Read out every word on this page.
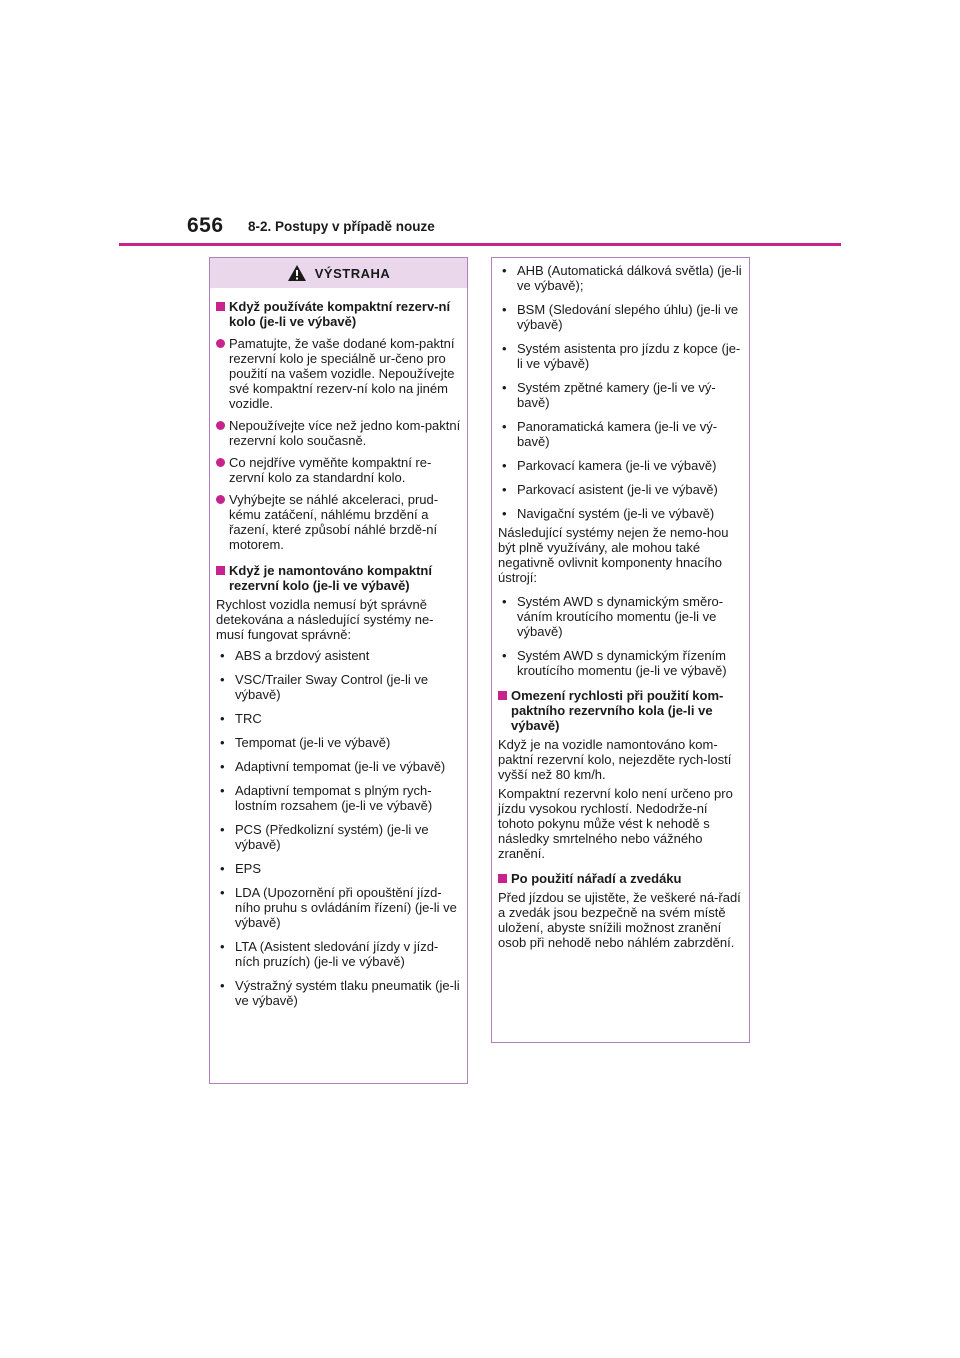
656 8-2. Postupy v případě nouze
VÝSTRAHA
Když používáte kompaktní rezerv-ní kolo (je-li ve výbavě)
Pamatujte, že vaše dodané kom-paktní rezervní kolo je speciálně ur-čeno pro použití na vašem vozidle. Nepoužívejte své kompaktní rezerv-ní kolo na jiném vozidle.
Nepoužívejte více než jedno kom-paktní rezervní kolo současně.
Co nejdříve vyměňte kompaktní re-zervní kolo za standardní kolo.
Vyhýbejte se náhlé akceleraci, prud-kému zatáčení, náhlému brzdění a řazení, které způsobí náhlé brzdě-ní motorem.
Když je namontováno kompaktní rezervní kolo (je-li ve výbavě)
Rychlost vozidla nemusí být správně detekována a následující systémy ne-musí fungovat správně:
• ABS a brzdový asistent
• VSC/Trailer Sway Control (je-li ve výbavě)
• TRC
• Tempomat (je-li ve výbavě)
• Adaptivní tempomat (je-li ve výbavě)
• Adaptivní tempomat s plným rych-lostním rozsahem (je-li ve výbavě)
• PCS (Předkolizní systém) (je-li ve výbavě)
• EPS
• LDA (Upozornění při opouštění jízd-ního pruhu s ovládáním řízení) (je-li ve výbavě)
• LTA (Asistent sledování jízdy v jízd-ních pruzích) (je-li ve výbavě)
• Výstražný systém tlaku pneumatik (je-li ve výbavě)
• AHB (Automatická dálková světla) (je-li ve výbavě);
• BSM (Sledování slepého úhlu) (je-li ve výbavě)
• Systém asistenta pro jízdu z kopce (je-li ve výbavě)
• Systém zpětné kamery (je-li ve vý-bavě)
• Panoramatická kamera (je-li ve vý-bavě)
• Parkovací kamera (je-li ve výbavě)
• Parkovací asistent (je-li ve výbavě)
• Navigační systém (je-li ve výbavě)
Následující systémy nejen že nemo-hou být plně využívány, ale mohou také negativně ovlivnit komponenty hnacího ústrojí:
• Systém AWD s dynamickým směro-váním kroutícího momentu (je-li ve výbavě)
• Systém AWD s dynamickým řízením kroutícího momentu (je-li ve výbavě)
Omezení rychlosti při použití kom-paktního rezervního kola (je-li ve výbavě)
Když je na vozidle namontováno kom-paktní rezervní kolo, nejezděte rych-lostí vyšší než 80 km/h.
Kompaktní rezervní kolo není určeno pro jízdu vysokou rychlostí. Nedodrže-ní tohoto pokynu může vést k nehodě s následky smrtelného nebo vážného zranění.
Po použití nářadí a zvedáku
Před jízdou se ujistěte, že veškeré ná-řadí a zvedák jsou bezpečně na svém místě uložení, abyste snížili možnost zranění osob při nehodě nebo náhlém zabrzdění.
